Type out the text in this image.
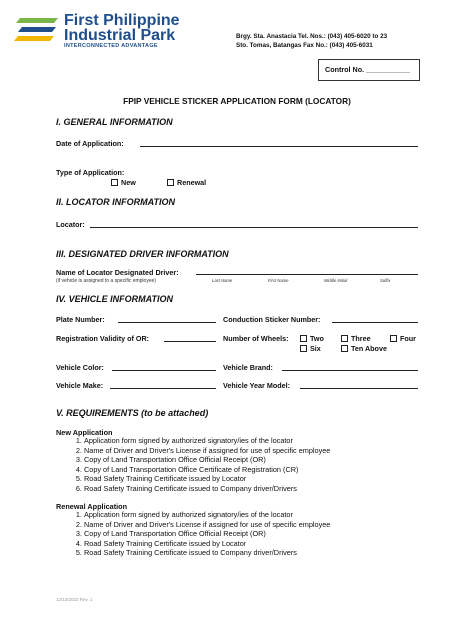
First Philippine
Industrial Park
INTERCONNECTED ADVANTAGE
Brgy. Sta. Anastacia Tel. Nos.: (043) 405-6020 to 23
Sto. Tomas, Batangas Fax No.: (043) 405-6031
Control No. ___________
FPIP VEHICLE STICKER APPLICATION FORM (LOCATOR)
I. GENERAL INFORMATION
Date of Application:
Type of Application:
New	Renewal
II. LOCATOR INFORMATION
Locator:
III. DESIGNATED DRIVER INFORMATION
Name of Locator Designated Driver:
(if vehicle is assigned to a specific employee)	Last Name	First Name	Middle Initial	Suffix
IV. VEHICLE INFORMATION
Plate Number:	Conduction Sticker Number:
Registration Validity of OR:	Number of Wheels:	Two	Three	Four
Six	Ten Above
Vehicle Color:	Vehicle Brand:
Vehicle Make:	Vehicle Year Model:
V. REQUIREMENTS (to be attached)
New Application
1. Application form signed by authorized signatory/ies of the locator
2. Name of Driver and Driver's License if assigned for use of specific employee
3. Copy of Land Transportation Office Official Receipt (OR)
4. Copy of Land Transportation Office Certificate of Registration (CR)
5. Road Safety Training Certificate issued by Locator
6. Road Safety Training Certificate issued to Company driver/Drivers
Renewal Application
1. Application form signed by authorized signatory/ies of the locator
2. Name of Driver and Driver's License if assigned for use of specific employee
3. Copy of Land Transportation Office Official Receipt (OR)
4. Road Safety Training Certificate issued by Locator
5. Road Safety Training Certificate issued to Company driver/Drivers
12/13/2022 Rev. 1
